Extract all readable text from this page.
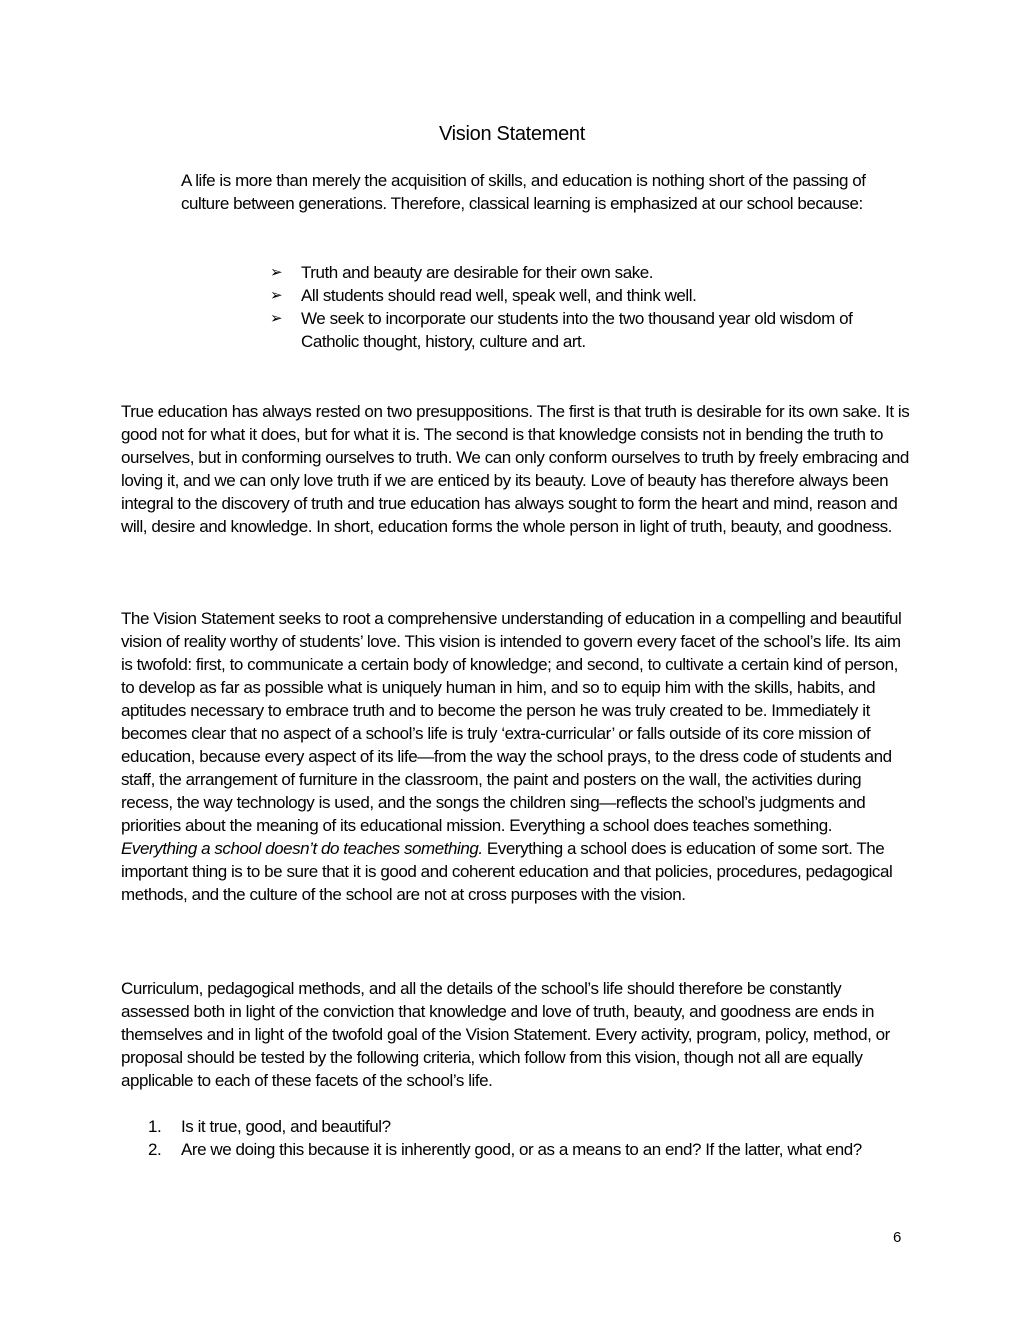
Vision Statement

A life is more than merely the acquisition of skills, and education is nothing short of the passing of culture between generations. Therefore, classical learning is emphasized at our school because:

➢ Truth and beauty are desirable for their own sake.
➢ All students should read well, speak well, and think well.
➢ We seek to incorporate our students into the two thousand year old wisdom of Catholic thought, history, culture and art.

True education has always rested on two presuppositions. The first is that truth is desirable for its own sake. It is good not for what it does, but for what it is. The second is that knowledge consists not in bending the truth to ourselves, but in conforming ourselves to truth. We can only conform ourselves to truth by freely embracing and loving it, and we can only love truth if we are enticed by its beauty. Love of beauty has therefore always been integral to the discovery of truth and true education has always sought to form the heart and mind, reason and will, desire and knowledge. In short, education forms the whole person in light of truth, beauty, and goodness.

The Vision Statement seeks to root a comprehensive understanding of education in a compelling and beautiful vision of reality worthy of students’ love. This vision is intended to govern every facet of the school’s life. Its aim is twofold: first, to communicate a certain body of knowledge; and second, to cultivate a certain kind of person, to develop as far as possible what is uniquely human in him, and so to equip him with the skills, habits, and aptitudes necessary to embrace truth and to become the person he was truly created to be. Immediately it becomes clear that no aspect of a school’s life is truly ‘extra-curricular’ or falls outside of its core mission of education, because every aspect of its life—from the way the school prays, to the dress code of students and staff, the arrangement of furniture in the classroom, the paint and posters on the wall, the activities during recess, the way technology is used, and the songs the children sing—reflects the school’s judgments and priorities about the meaning of its educational mission. Everything a school does teaches something. Everything a school doesn’t do teaches something. Everything a school does is education of some sort. The important thing is to be sure that it is good and coherent education and that policies, procedures, pedagogical methods, and the culture of the school are not at cross purposes with the vision.

Curriculum, pedagogical methods, and all the details of the school’s life should therefore be constantly assessed both in light of the conviction that knowledge and love of truth, beauty, and goodness are ends in themselves and in light of the twofold goal of the Vision Statement. Every activity, program, policy, method, or proposal should be tested by the following criteria, which follow from this vision, though not all are equally applicable to each of these facets of the school’s life.

1. Is it true, good, and beautiful?
2. Are we doing this because it is inherently good, or as a means to an end? If the latter, what end?
6
